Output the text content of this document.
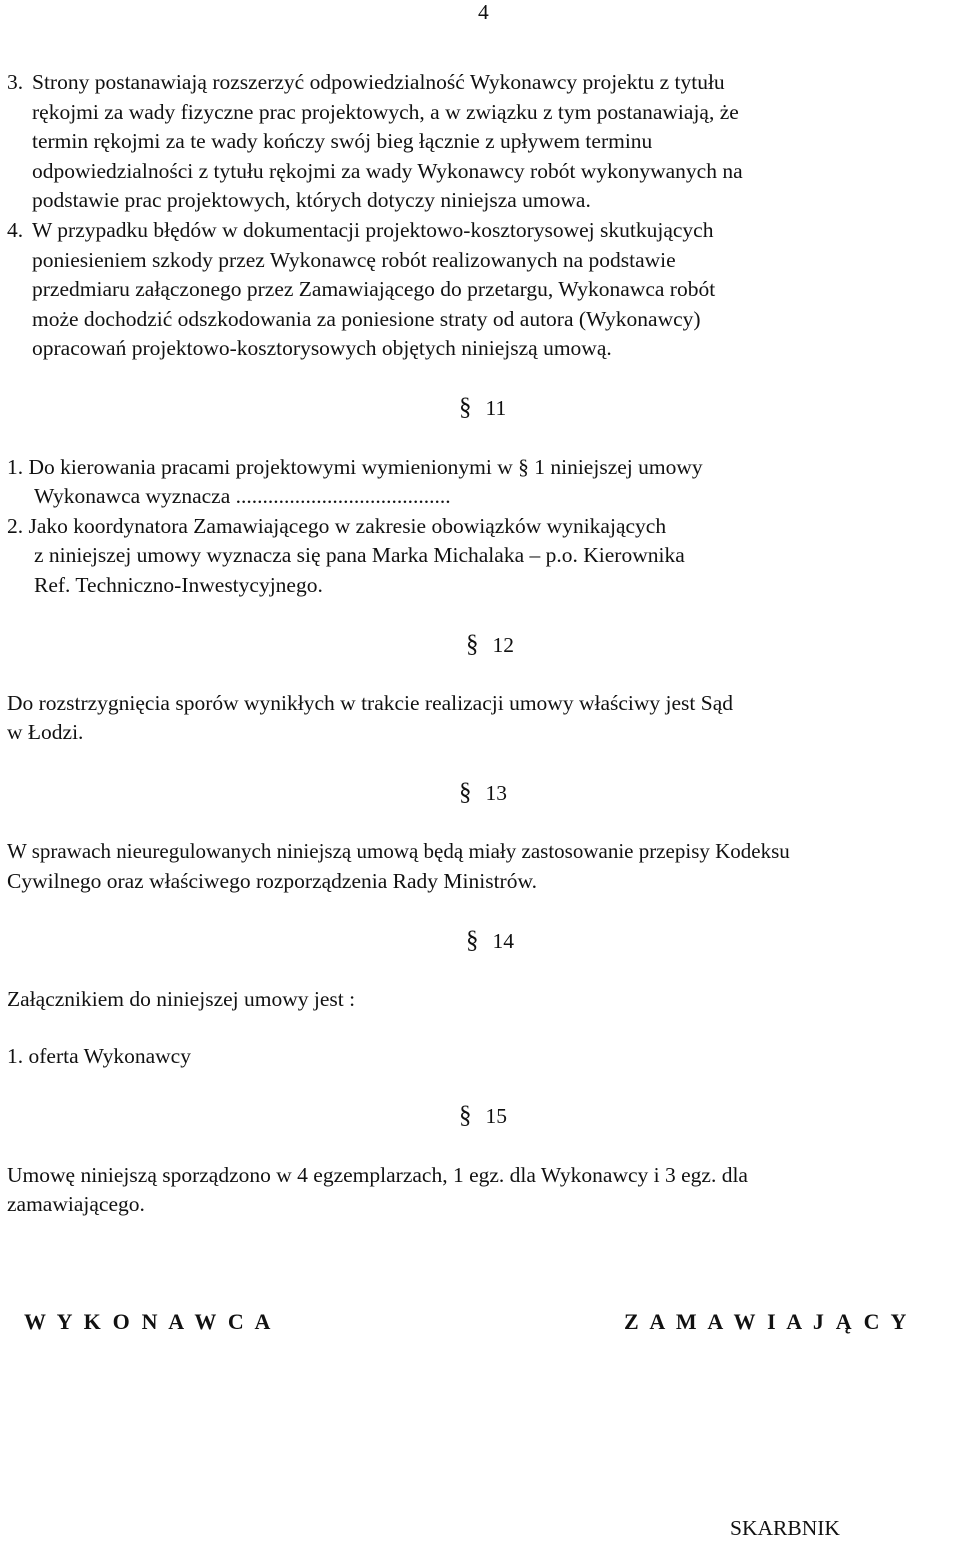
4
3. Strony postanawiają rozszerzyć odpowiedzialność Wykonawcy projektu z tytułu
rękojmi za wady fizyczne prac projektowych, a w związku z tym postanawiają, że
termin rękojmi za te wady kończy swój bieg łącznie z upływem terminu
odpowiedzialności z tytułu rękojmi za wady Wykonawcy robót wykonywanych na
podstawie prac projektowych, których dotyczy niniejsza umowa.
4. W przypadku błędów w dokumentacji projektowo-kosztorysowej skutkujących
poniesieniem szkody przez Wykonawcę robót realizowanych na podstawie
przedmiaru załączonego przez Zamawiającego do przetargu, Wykonawca robót
może dochodzić odszkodowania za poniesione straty od autora (Wykonawcy)
opracowań projektowo-kosztorysowych objętych niniejszą umową.
§ 11
1. Do kierowania pracami projektowymi wymienionymi w § 1 niniejszej umowy
Wykonawca wyznacza ........................................
2. Jako koordynatora Zamawiającego w zakresie obowiązków wynikających
z niniejszej umowy wyznacza się pana Marka Michalaka – p.o. Kierownika
Ref. Techniczno-Inwestycyjnego.
§ 12
Do rozstrzygnięcia sporów wynikłych w trakcie realizacji umowy właściwy jest Sąd
w Łodzi.
§ 13
W sprawach nieuregulowanych niniejszą umową będą miały zastosowanie przepisy Kodeksu
Cywilnego oraz właściwego rozporządzenia Rady Ministrów.
§ 14
Załącznikiem do niniejszej umowy jest :
1. oferta Wykonawcy
§ 15
Umowę niniejszą sporządzono w 4 egzemplarzach, 1 egz. dla Wykonawcy i 3 egz. dla
zamawiającego.
W Y K O N A W C A	Z A M A W I A J Ą C Y
SKARBNIK
